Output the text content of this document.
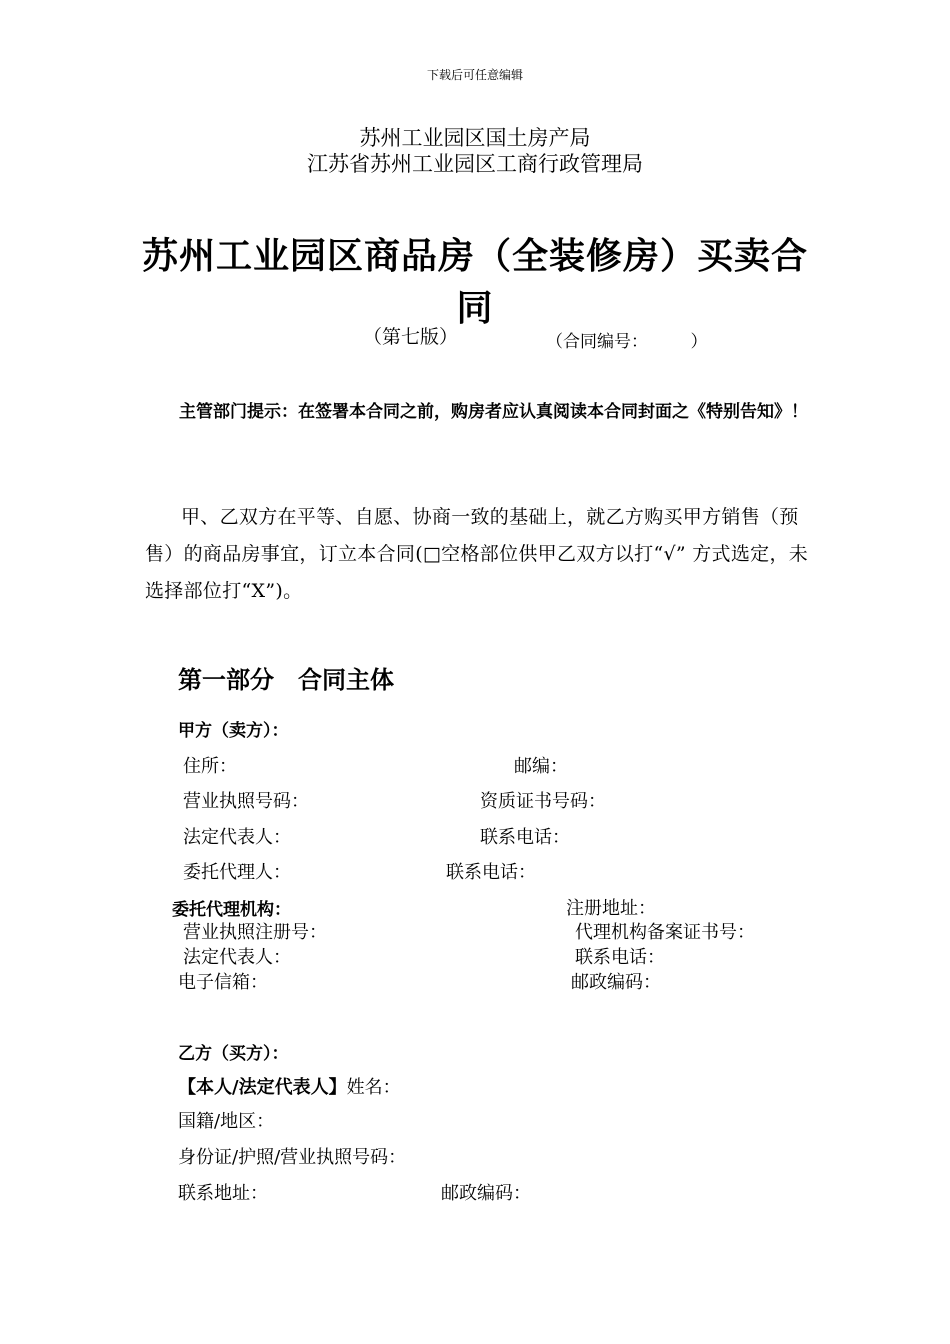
下载后可任意编辑
苏州工业园区国土房产局
江苏省苏州工业园区工商行政管理局
苏州工业园区商品房（全装修房）买卖合
同
（第七版）	（合同编号：　　　）
主管部门提示：在签署本合同之前，购房者应认真阅读本合同封面之《特别告知》！
甲、乙双方在平等、自愿、协商一致的基础上，就乙方购买甲方销售（预售）的商品房事宜，订立本合同(□空格部位供甲乙双方以打“√” 方式选定，未选择部位打“X”)。
第一部分　合同主体
甲方（卖方）：
住所：	邮编：
营业执照号码：	资质证书号码：
法定代表人：	联系电话：
委托代理人：	联系电话：
委托代理机构：	注册地址：
营业执照注册号：	代理机构备案证书号：
法定代表人：	联系电话：
电子信箱：	邮政编码：
乙方（买方）：
【本人/法定代表人】姓名：
国籍/地区：
身份证/护照/营业执照号码：
联系地址：	邮政编码：
